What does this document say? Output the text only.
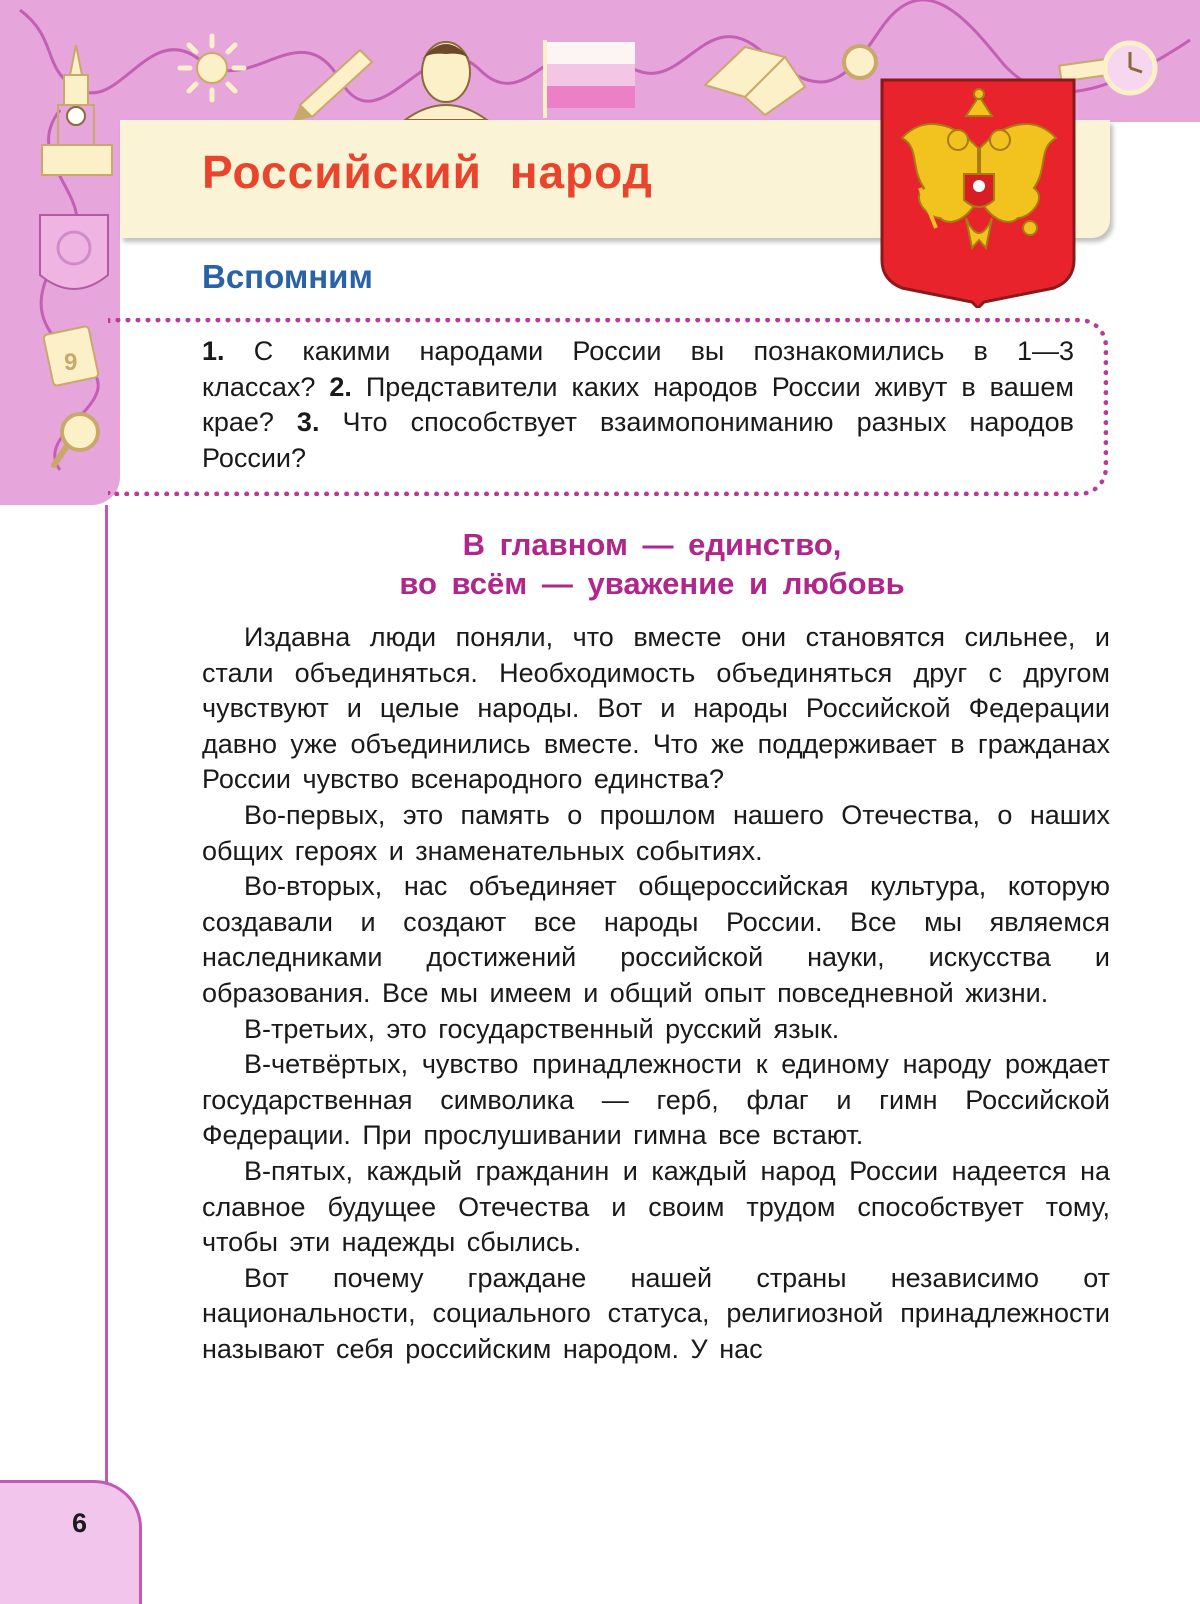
9
Российский народ
Вспомним

1. С какими народами России вы познакомились в 1—3 классах? 2. Представители каких народов России живут в вашем крае? 3. Что способствует взаимопониманию разных народов России?

В главном — единство,
во всём — уважение и любовь

Издавна люди поняли, что вместе они становятся сильнее, и стали объединяться. Необходимость объединяться друг с другом чувствуют и целые народы. Вот и народы Российской Федерации давно уже объединились вместе. Что же поддерживает в гражданах России чувство всенародного единства?

Во-первых, это память о прошлом нашего Отечества, о наших общих героях и знаменательных событиях.

Во-вторых, нас объединяет общероссийская культура, которую создавали и создают все народы России. Все мы являемся наследниками достижений российской науки, искусства и образования. Все мы имеем и общий опыт повседневной жизни.

В-третьих, это государственный русский язык.

В-четвёртых, чувство принадлежности к единому народу рождает государственная символика — герб, флаг и гимн Российской Федерации. При прослушивании гимна все встают.

В-пятых, каждый гражданин и каждый народ России надеется на славное будущее Отечества и своим трудом способствует тому, чтобы эти надежды сбылись.

Вот почему граждане нашей страны независимо от национальности, социального статуса, религиозной принадлежности называют себя российским народом. У нас

6
